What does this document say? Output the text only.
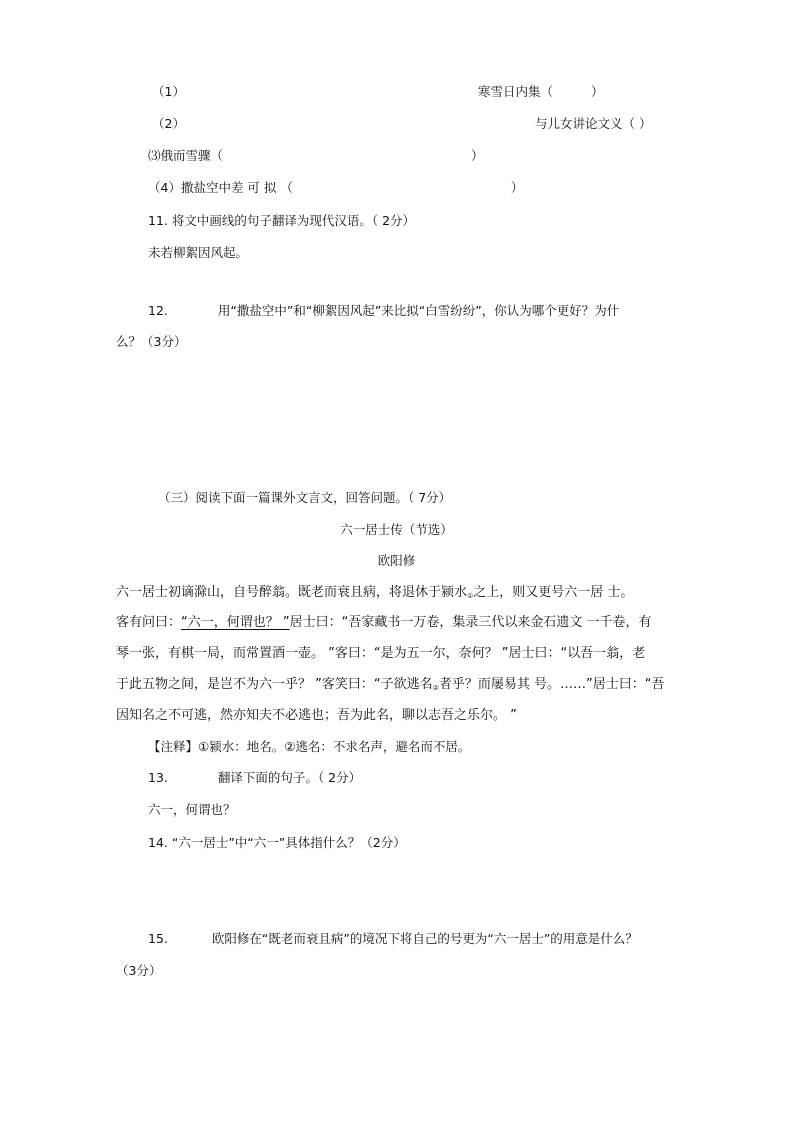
（1）	寒雪日内集（	）
（2）	与儿女讲论文义（ ）
⑶俄而雪骤（	）
（4）撒盐空中差 可 拟 （	）
11. 将文中画线的句子翻译为现代汉语。（ 2分）
未若柳絮因风起。
12.	用“撒盐空中”和“柳絮因风起”来比拟“白雪纷纷”，你认为哪个更好？为什
么？（3分）
（三）阅读下面一篇课外文言文，回答问题。（ 7分）
六一居士传（节选）
欧阳修
六一居士初谪滁山，自号醉翁。既老而衰且病，将退休于颍水$_①$之上，则又更号六一居 士。
客有问曰：“六一，何谓也？ ”居士曰：“吾家藏书一万卷，集录三代以来金石遗文 一千卷，有
琴一张，有棋一局，而常置酒一壶。 ”客曰：“是为五一尔，奈何？ ”居士曰：“以吾一翁，老
于此五物之间，是岂不为六一乎？ ”客笑曰：“子欲逃名$_②$者乎？而屡易其 号。……”居士曰：“吾
因知名之不可逃，然亦知夫不必逃也；吾为此名，聊以志吾之乐尔。 ”
【注释】①颍水：地名。②逃名：不求名声，避名而不居。
13.	翻译下面的句子。（ 2分）
六一，何谓也？
14. “六一居士”中“六一”具体指什么？（2分）
15.	欧阳修在“既老而衰且病”的境况下将自己的号更为“六一居士”的用意是什么？
（3分）
